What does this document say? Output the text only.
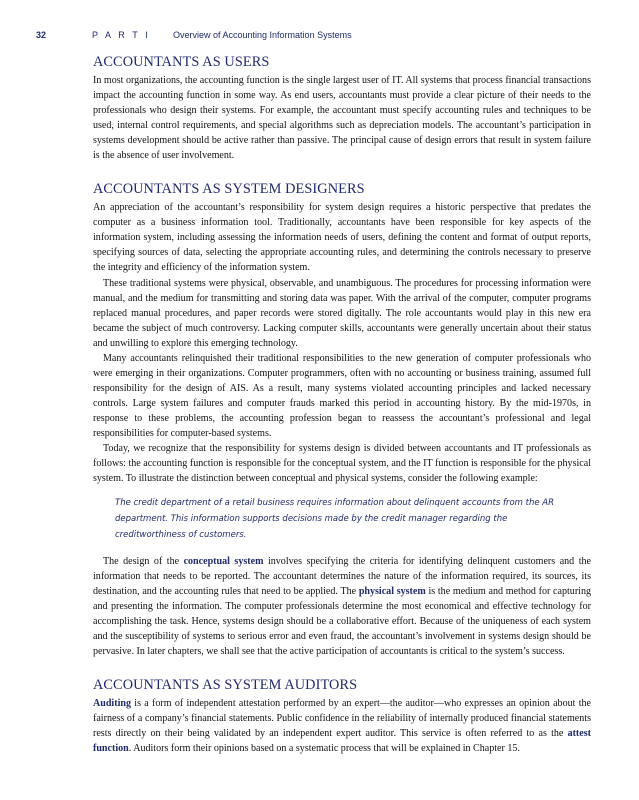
32	P A R T I	Overview of Accounting Information Systems
ACCOUNTANTS AS USERS

In most organizations, the accounting function is the single largest user of IT. All systems that process financial transactions impact the accounting function in some way. As end users, accountants must provide a clear picture of their needs to the professionals who design their systems. For example, the accountant must specify accounting rules and techniques to be used, internal control requirements, and special algorithms such as depreciation models. The accountant’s participation in systems development should be active rather than passive. The principal cause of design errors that result in system failure is the absence of user involvement.

ACCOUNTANTS AS SYSTEM DESIGNERS

An appreciation of the accountant’s responsibility for system design requires a historic perspective that predates the computer as a business information tool. Traditionally, accountants have been responsible for key aspects of the information system, including assessing the information needs of users, defining the content and format of output reports, specifying sources of data, selecting the appropriate accounting rules, and determining the controls necessary to preserve the integrity and efficiency of the information system.

These traditional systems were physical, observable, and unambiguous. The procedures for processing information were manual, and the medium for transmitting and storing data was paper. With the arrival of the computer, computer programs replaced manual procedures, and paper records were stored digitally. The role accountants would play in this new era became the subject of much controversy. Lacking computer skills, accountants were generally uncertain about their status and unwilling to explore this emerging technology.

Many accountants relinquished their traditional responsibilities to the new generation of computer professionals who were emerging in their organizations. Computer programmers, often with no accounting or business training, assumed full responsibility for the design of AIS. As a result, many systems violated accounting principles and lacked necessary controls. Large system failures and computer frauds marked this period in accounting history. By the mid-1970s, in response to these problems, the accounting profession began to reassess the accountant’s professional and legal responsibilities for computer-based systems.

Today, we recognize that the responsibility for systems design is divided between accountants and IT professionals as follows: the accounting function is responsible for the conceptual system, and the IT function is responsible for the physical system. To illustrate the distinction between conceptual and physical systems, consider the following example:

The credit department of a retail business requires information about delinquent accounts from the AR department. This information supports decisions made by the credit manager regarding the creditworthiness of customers.

The design of the conceptual system involves specifying the criteria for identifying delinquent customers and the information that needs to be reported. The accountant determines the nature of the information required, its sources, its destination, and the accounting rules that need to be applied. The physical system is the medium and method for capturing and presenting the information. The computer professionals determine the most economical and effective technology for accomplishing the task. Hence, systems design should be a collaborative effort. Because of the uniqueness of each system and the susceptibility of systems to serious error and even fraud, the accountant’s involvement in systems design should be pervasive. In later chapters, we shall see that the active participation of accountants is critical to the system’s success.

ACCOUNTANTS AS SYSTEM AUDITORS

Auditing is a form of independent attestation performed by an expert—the auditor—who expresses an opinion about the fairness of a company’s financial statements. Public confidence in the reliability of internally produced financial statements rests directly on their being validated by an independent expert auditor. This service is often referred to as the attest function. Auditors form their opinions based on a systematic process that will be explained in Chapter 15.
